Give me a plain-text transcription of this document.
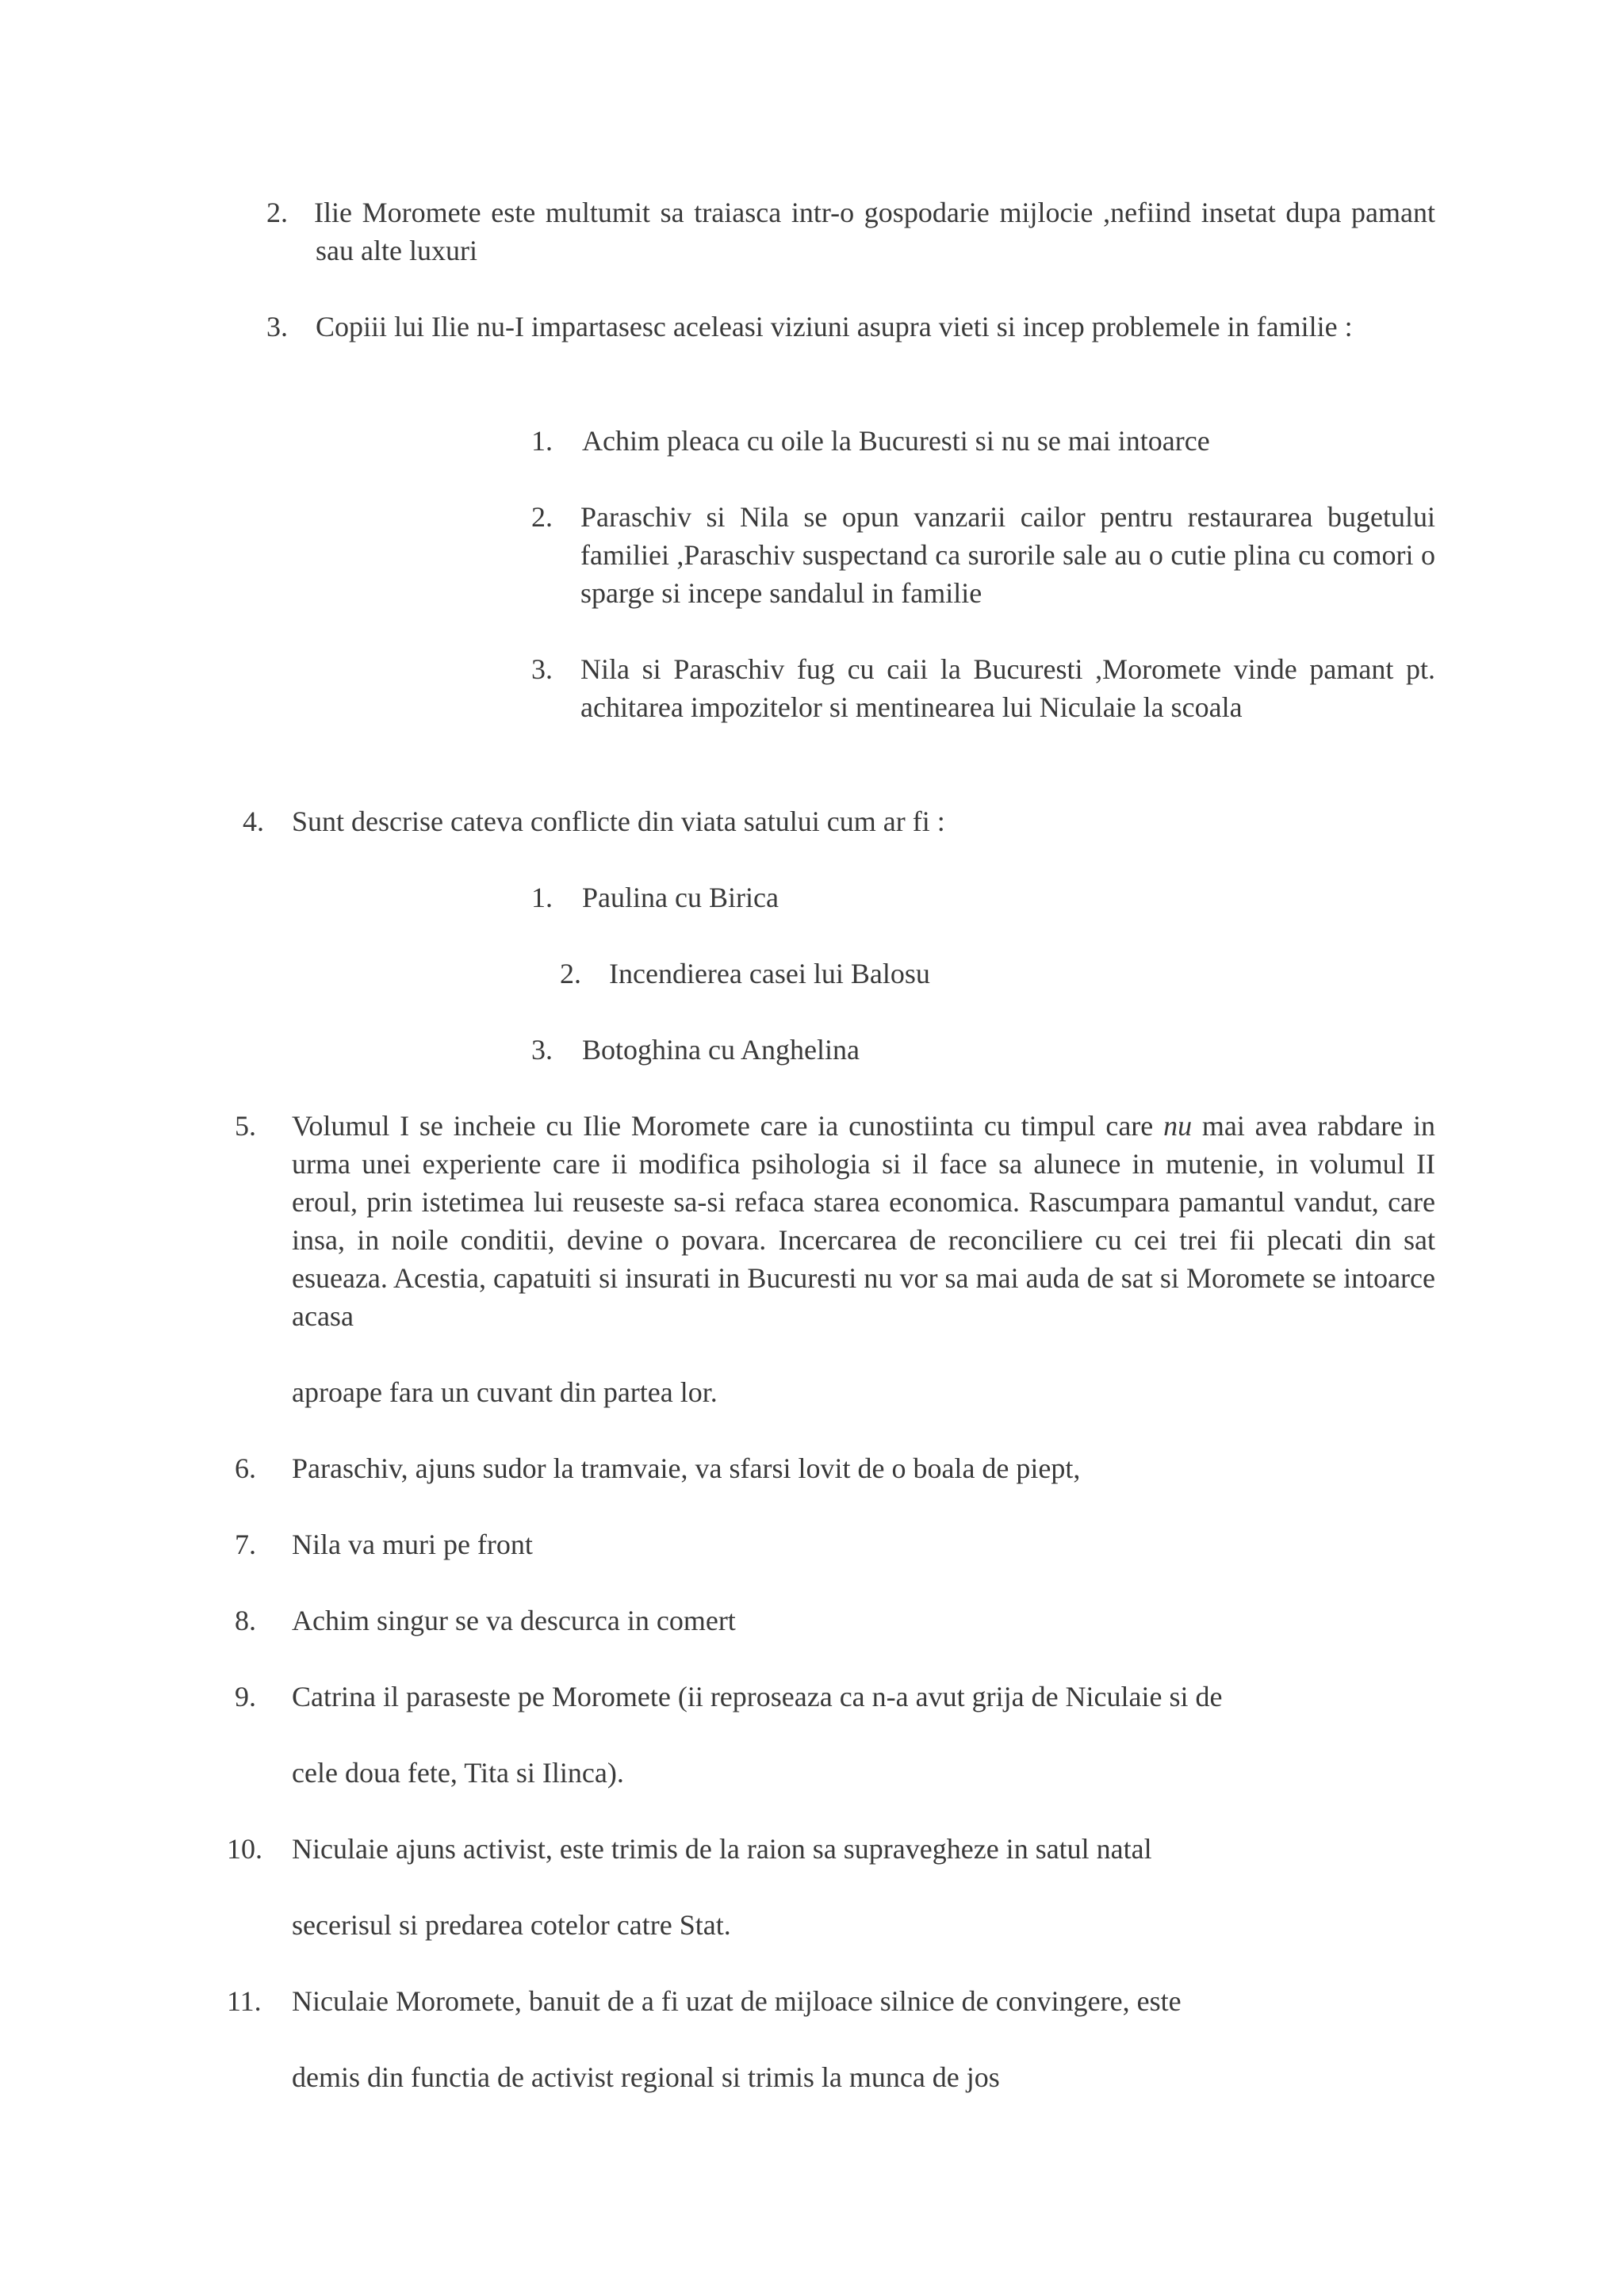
2. Ilie Moromete este multumit sa traiasca intr-o gospodarie mijlocie ,nefiind insetat dupa pamant sau alte luxuri
3. Copiii lui Ilie nu-I impartasesc aceleasi viziuni asupra vieti si incep problemele in familie :
1. Achim pleaca cu oile la Bucuresti si nu se mai intoarce
2. Paraschiv si Nila se opun vanzarii cailor pentru restaurarea bugetului familiei ,Paraschiv suspectand ca surorile sale au o cutie plina cu comori o sparge si incepe sandalul in familie
3. Nila si Paraschiv fug cu caii la Bucuresti ,Moromete vinde pamant pt. achitarea impozitelor si mentinearea lui Niculaie la scoala
4. Sunt descrise cateva conflicte din viata satului cum ar fi :
1. Paulina cu Birica
2. Incendierea casei lui Balosu
3. Botoghina cu Anghelina
5. Volumul I se incheie cu Ilie Moromete care ia cunostiinta cu timpul care nu mai avea rabdare in urma unei experiente care ii modifica psihologia si il face sa alunece in mutenie, in volumul II eroul, prin istetimea lui reuseste sa-si refaca starea economica. Rascumpara pamantul vandut, care insa, in noile conditii, devine o povara. Incercarea de reconciliere cu cei trei fii plecati din sat esueaza. Acestia, capatuiti si insurati in Bucuresti nu vor sa mai auda de sat si Moromete se intoarce acasa
aproape fara un cuvant din partea lor.
6. Paraschiv, ajuns sudor la tramvaie, va sfarsi lovit de o boala de piept,
7. Nila va muri pe front
8. Achim singur se va descurca in comert
9. Catrina il paraseste pe Moromete (ii reproseaza ca n-a avut grija de Niculaie si de
cele doua fete, Tita si Ilinca).
10. Niculaie ajuns activist, este trimis de la raion sa supravegheze in satul natal
secerisul si predarea cotelor catre Stat.
11. Niculaie Moromete, banuit de a fi uzat de mijloace silnice de convingere, este
demis din functia de activist regional si trimis la munca de jos
